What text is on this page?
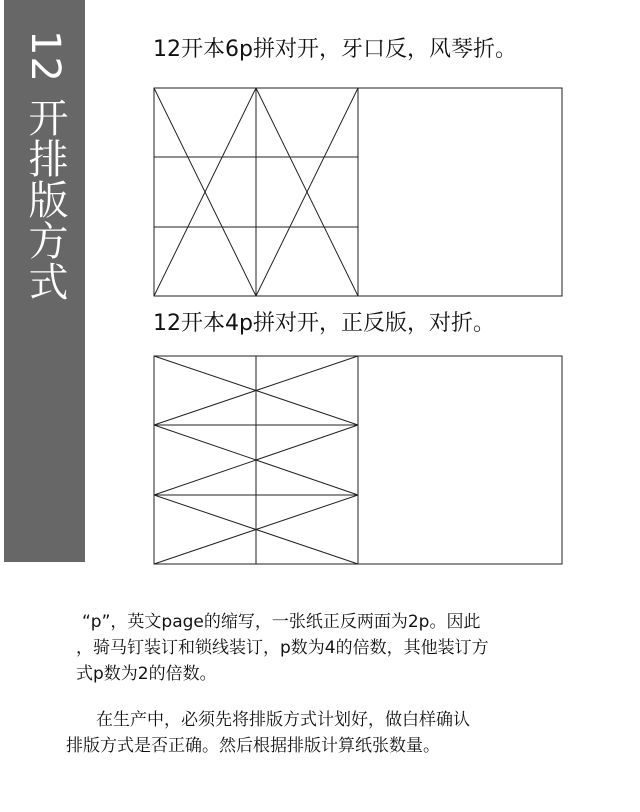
12 开排版方式	12开本6p拼对开，牙口反，风琴折。
12开本4p拼对开，正反版，对折。

“p”，英文page的缩写，一张纸正反两面为2p。因此

，骑马钉装订和锁线装订，p数为4的倍数，其他装订方

式p数为2的倍数。

在生产中，必须先将排版方式计划好，做白样确认

排版方式是否正确。然后根据排版计算纸张数量。
